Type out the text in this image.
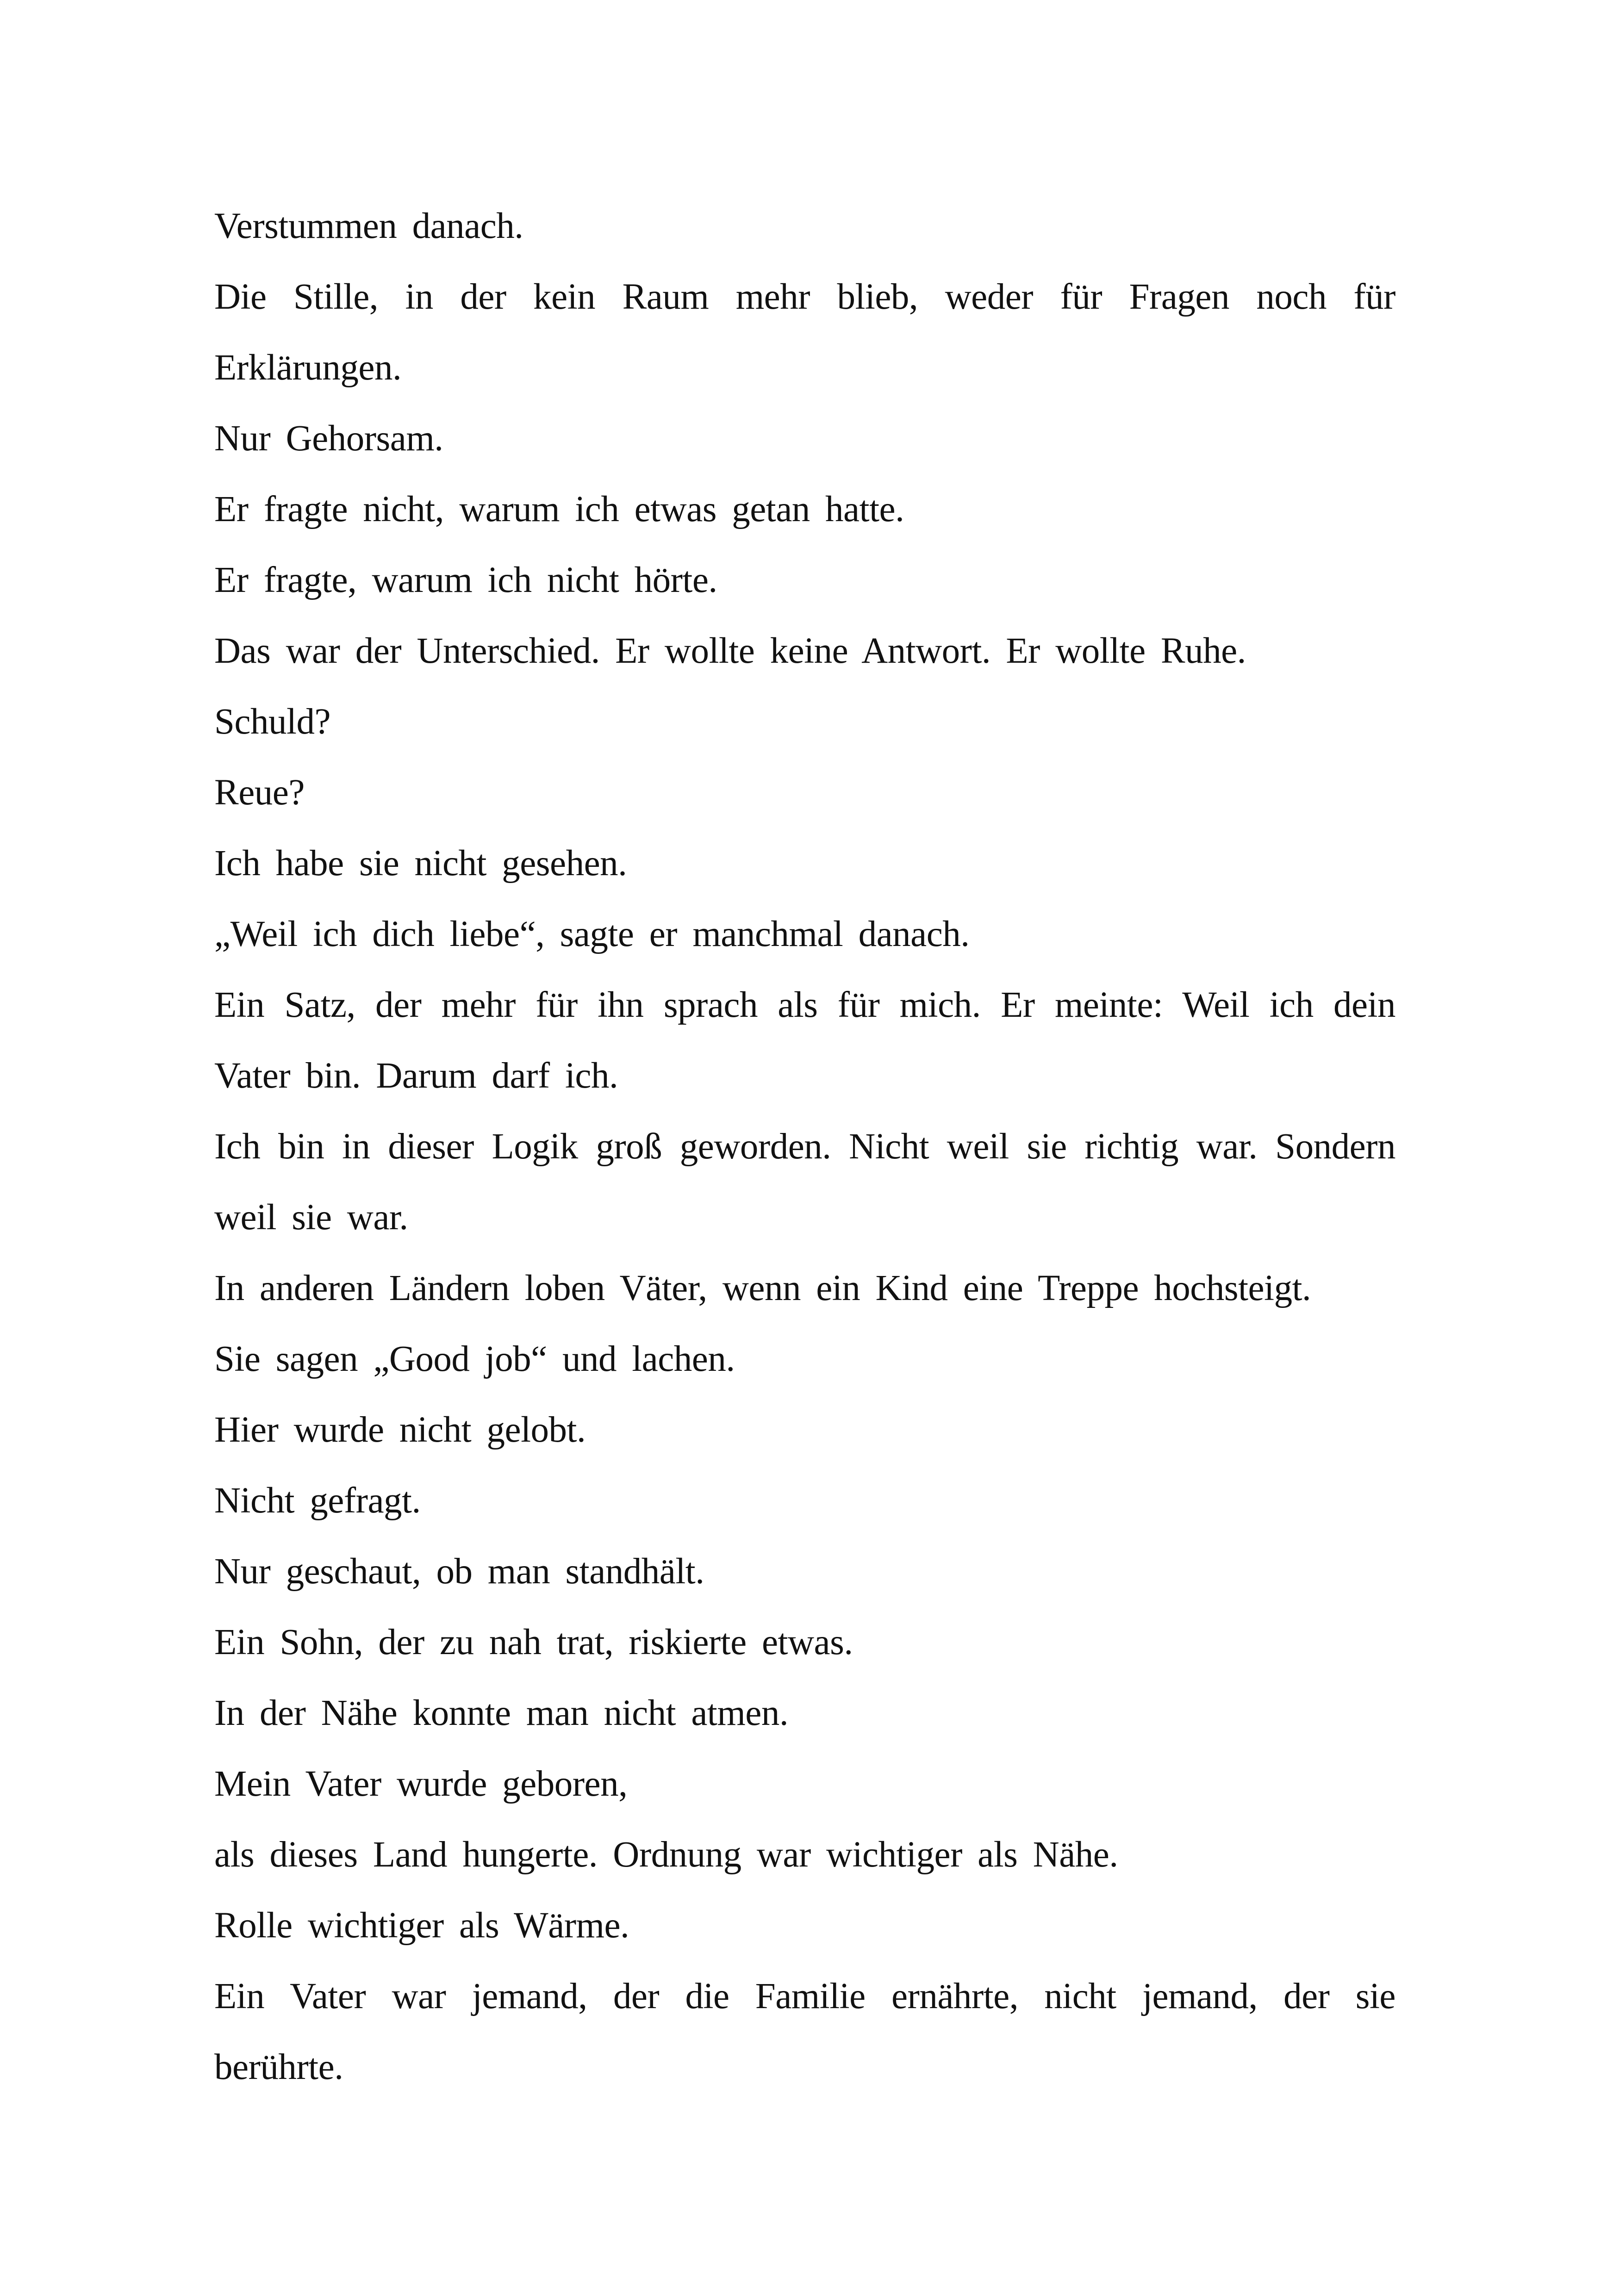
Verstummen danach.

Die Stille, in der kein Raum mehr blieb, weder für Fragen noch für Erklärungen.

Nur Gehorsam.

Er fragte nicht, warum ich etwas getan hatte.

Er fragte, warum ich nicht hörte.

Das war der Unterschied. Er wollte keine Antwort. Er wollte Ruhe.

Schuld?

Reue?

Ich habe sie nicht gesehen.

„Weil ich dich liebe“, sagte er manchmal danach.

Ein Satz, der mehr für ihn sprach als für mich. Er meinte: Weil ich dein Vater bin. Darum darf ich.

Ich bin in dieser Logik groß geworden. Nicht weil sie richtig war. Sondern weil sie war.

In anderen Ländern loben Väter, wenn ein Kind eine Treppe hochsteigt.

Sie sagen „Good job“ und lachen.

Hier wurde nicht gelobt.

Nicht gefragt.

Nur geschaut, ob man standhält.

Ein Sohn, der zu nah trat, riskierte etwas.

In der Nähe konnte man nicht atmen.

Mein Vater wurde geboren,

als dieses Land hungerte. Ordnung war wichtiger als Nähe.

Rolle wichtiger als Wärme.

Ein Vater war jemand, der die Familie ernährte, nicht jemand, der sie berührte.
